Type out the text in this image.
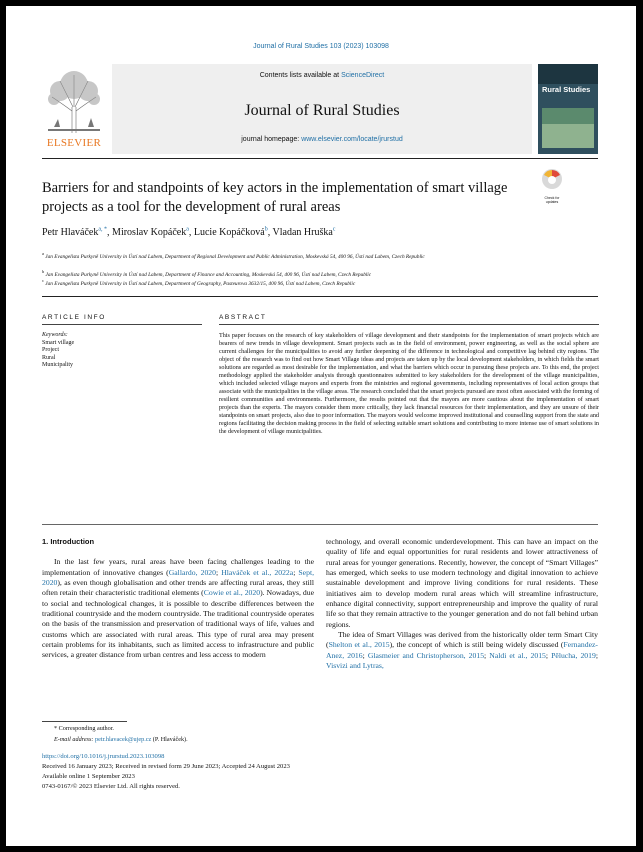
Journal of Rural Studies 103 (2023) 103098
ELSEVIER
Contents lists available at ScienceDirect
Journal of Rural Studies
journal homepage: www.elsevier.com/locate/jrurstud
Rural Studies
Check for updates
Barriers for and standpoints of key actors in the implementation of smart village projects as a tool for the development of rural areas
Petr Hlaváček$^{a, *}$, Miroslav Kopáček$^a$, Lucie Kopáčková$^b$, Vladan Hruška$^c$
$^a$ Jan Evangelista Purkyně University in Ústí nad Labem, Department of Regional Development and Public Administration, Moskevská 54, 400 96, Ústí nad Labem, Czech Republic
$^b$ Jan Evangelista Purkyně University in Ústí nad Labem, Department of Finance and Accounting, Moskevská 54, 400 96, Ústí nad Labem, Czech Republic
$^c$ Jan Evangelista Purkyně University in Ústí nad Labem, Department of Geography, Pasteurova 3632/15, 400 96, Ústí nad Labem, Czech Republic
ARTICLE INFO	ABSTRACT
Keywords:
Smart village
Project
Rural
Municipality
This paper focuses on the research of key stakeholders of village development and their standpoints for the implementation of smart projects which are bearers of new trends in village development. Smart projects such as in the field of environment, power engineering, as well as the social sphere are current challenges for the municipalities to avoid any further deepening of the difference in technological and competitive lag behind city regions. The object of the research was to find out how Smart Village ideas and projects are taken up by the local development stakeholders, in which fields the smart solutions are regarded as most desirable for the implementation, and what the barriers which occur in pursuing these projects are. To this end, the project methodology applied the stakeholder analysis through questionnaires submitted to key stakeholders for the development of the village municipalities, which included selected village mayors and experts from the ministries and regional governments, including representatives of local action groups that associate with the municipalities in the village areas. The research concluded that the smart projects pursued are most often associated with the forming of resilient communities and environments. Furthermore, the results pointed out that the mayors are more cautious about the implementation of smart projects than the experts. The mayors consider them more critically, they lack financial resources for their implementation, and they are unsure of their standpoints on smart projects, also due to poor information. The mayors would welcome improved institutional and counselling support from the state and regions facilitating the decision making process in the field of selecting suitable smart solutions and contributing to more intense use of smart solutions in the development of village municipalities.
1. Introduction

In the last few years, rural areas have been facing challenges leading to the implementation of innovative changes (Gallardo, 2020; Hlaváček et al., 2022a; Sept, 2020), as even though globalisation and other trends are affecting rural areas, they still often retain their characteristic traditional elements (Cowie et al., 2020). Nowadays, due to social and technological changes, it is possible to describe differences between the traditional countryside and the modern countryside. The traditional countryside operates on the basis of the transmission and preservation of traditional ways of life, values and customs which are associated with rural areas. This type of rural area may present certain problems for its inhabitants, such as limited access to infrastructure and public services, a greater distance from urban centres and less access to modern

technology, and overall economic underdevelopment. This can have an impact on the quality of life and equal opportunities for rural residents and lower attractiveness of rural areas for younger generations. Recently, however, the concept of “Smart Villages” has emerged, which seeks to use modern technology and digital innovation to achieve sustainable development and improve living conditions for rural residents. These initiatives aim to develop modern rural areas which will streamline infrastructure, enhance digital connectivity, support entrepreneurship and improve the quality of rural life so that they remain attractive to the younger generation and do not fall behind urban regions.

The idea of Smart Villages was derived from the historically older term Smart City (Shelton et al., 2015), the concept of which is still being widely discussed (Fernandez-Anez, 2016; Glasmeier and Christopherson, 2015; Naldi et al., 2015; Pělucha, 2019; Visvizi and Lytras,

* Corresponding author.
E-mail address: petr.hlavacek@ujep.cz (P. Hlaváček).
https://doi.org/10.1016/j.jrurstud.2023.103098
Received 16 January 2023; Received in revised form 29 June 2023; Accepted 24 August 2023
Available online 1 September 2023
0743-0167/© 2023 Elsevier Ltd. All rights reserved.
